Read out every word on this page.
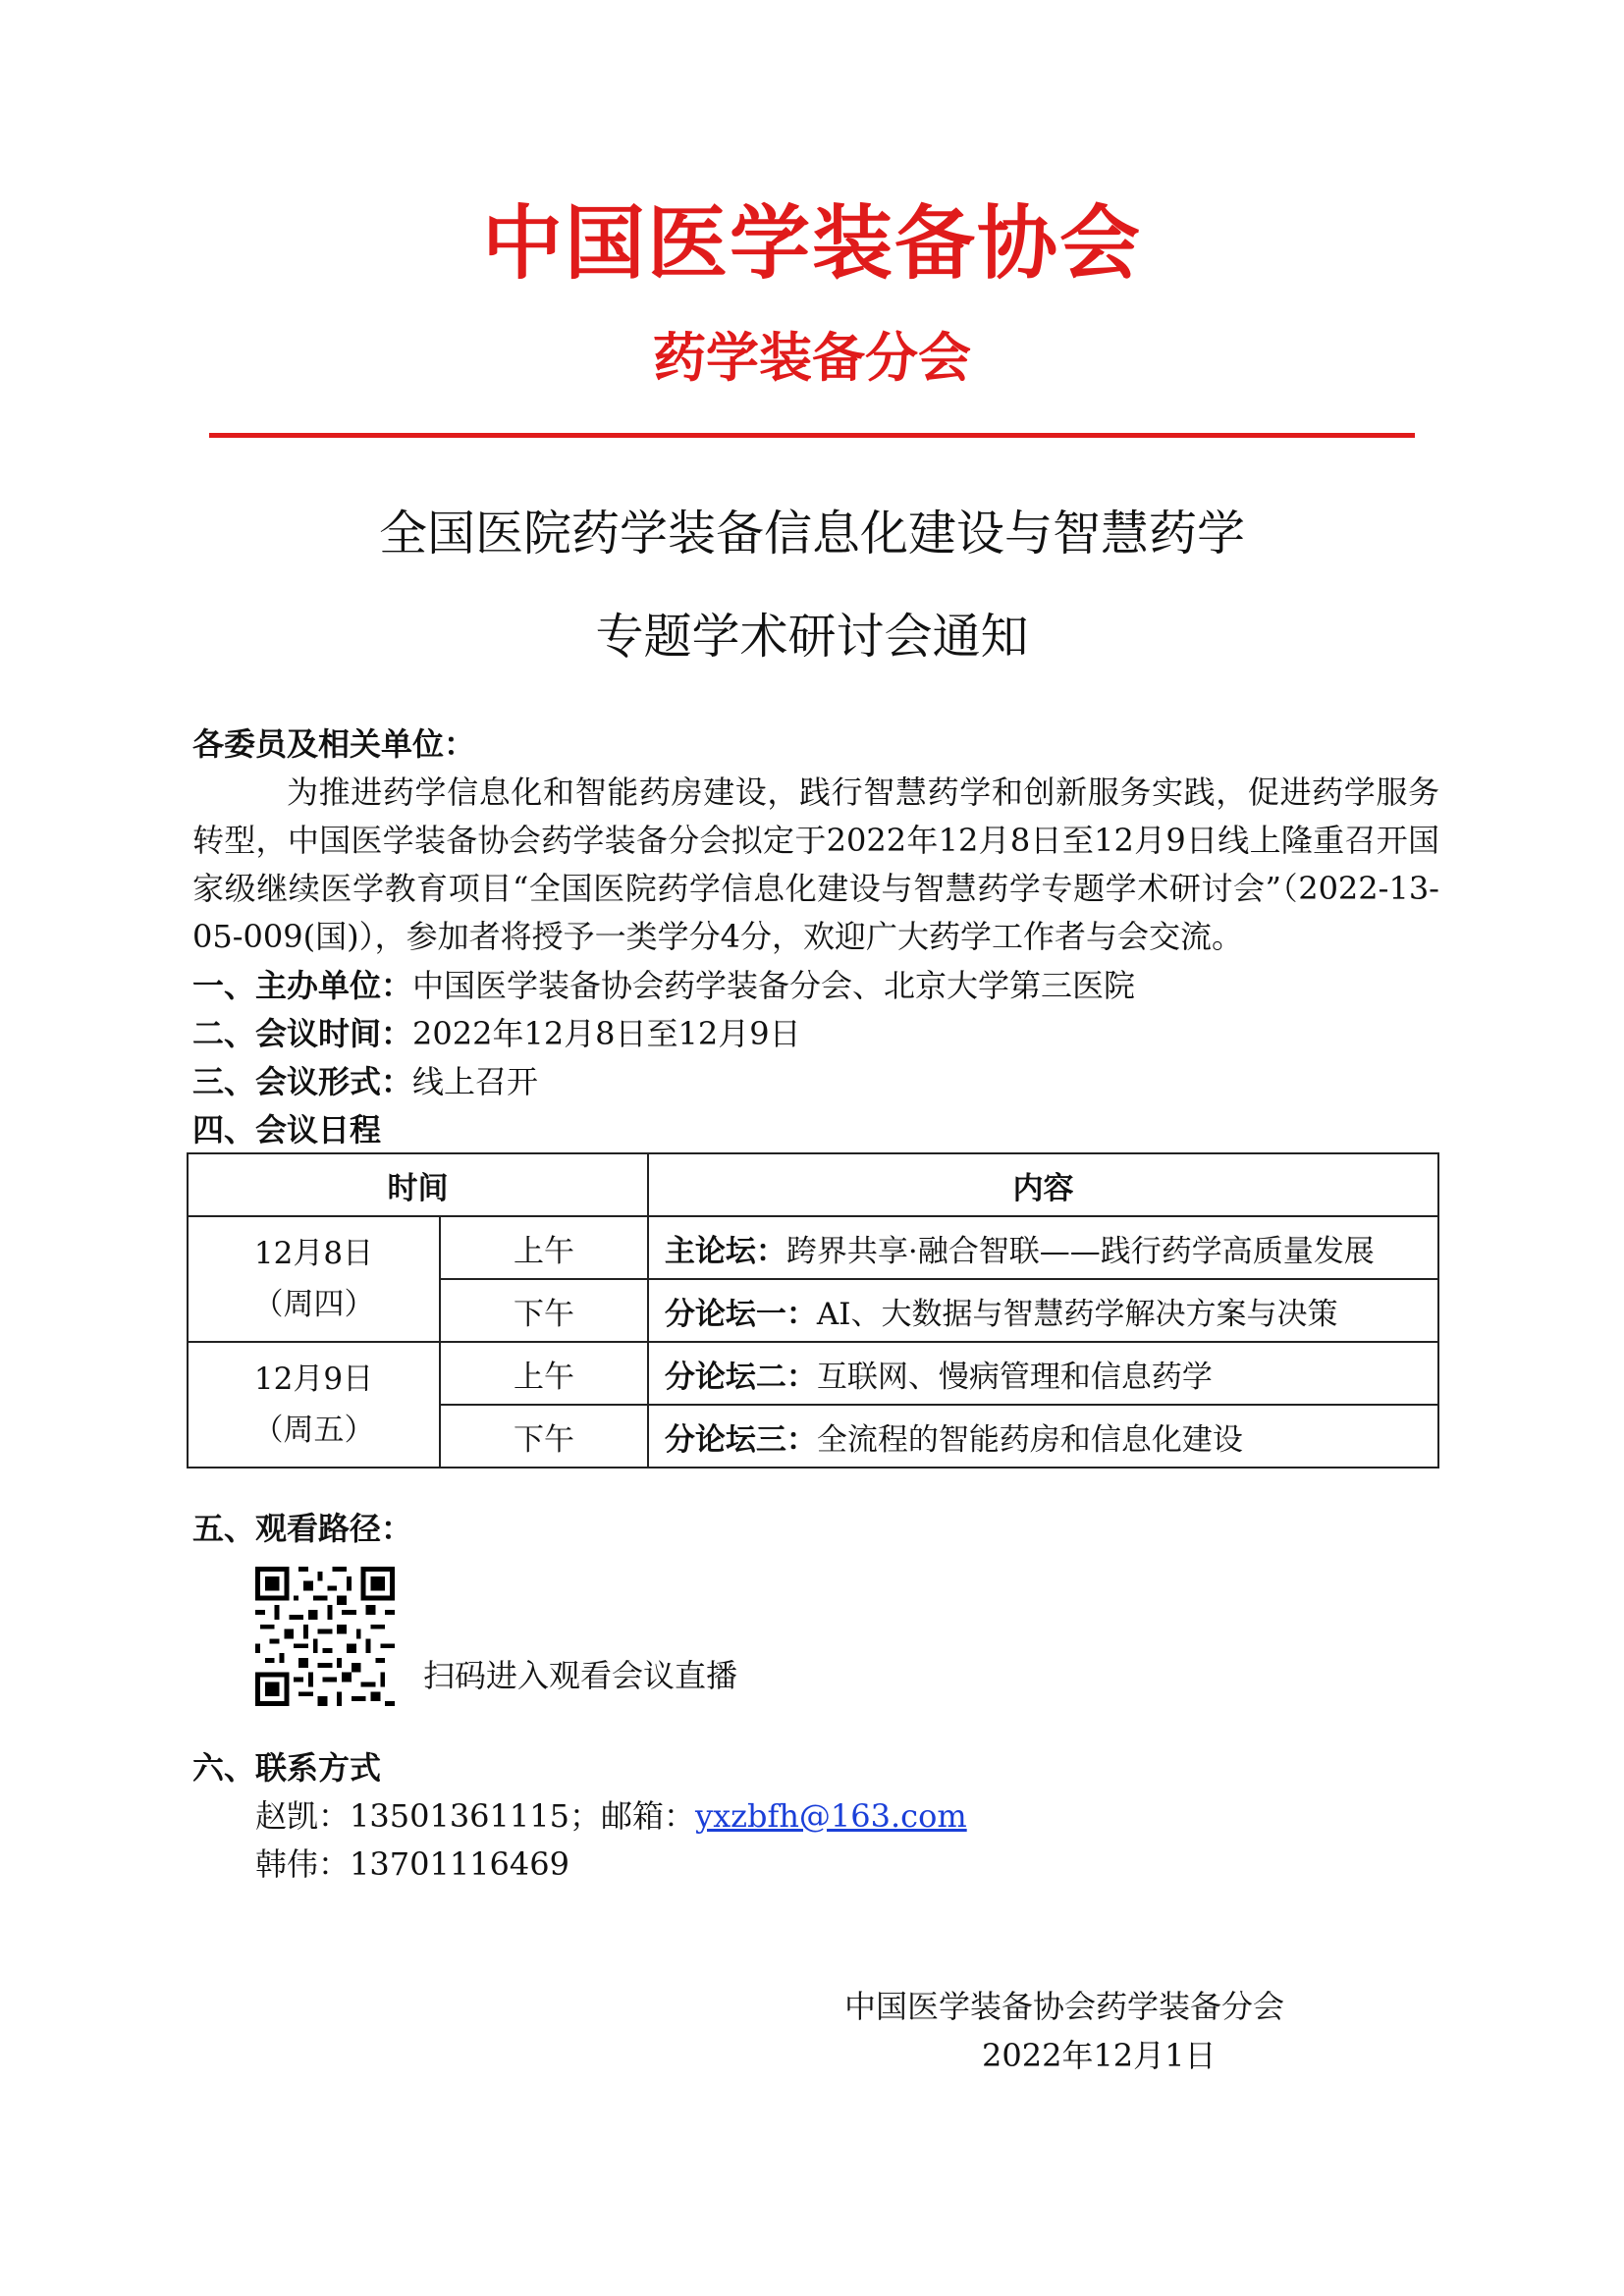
中国医学装备协会
药学装备分会
全国医院药学装备信息化建设与智慧药学
专题学术研讨会通知
各委员及相关单位：
为推进药学信息化和智能药房建设，践行智慧药学和创新服务实践，促进药学服务转型，中国医学装备协会药学装备分会拟定于2022年12月8日至12月9日线上隆重召开国家级继续医学教育项目“全国医院药学信息化建设与智慧药学专题学术研讨会”（2022-13-05-009(国)），参加者将授予一类学分4分，欢迎广大药学工作者与会交流。
一、主办单位：中国医学装备协会药学装备分会、北京大学第三医院
二、会议时间：2022年12月8日至12月9日
三、会议形式：线上召开
四、会议日程
时间		内容

12月8日
（周四）	上午	主论坛：跨界共享·融合智联——践行药学高质量发展
	下午	分论坛一：AI、大数据与智慧药学解决方案与决策

12月9日
（周五）	上午	分论坛二：互联网、慢病管理和信息药学
	下午	分论坛三：全流程的智能药房和信息化建设
五、观看路径：
扫码进入观看会议直播
六、联系方式
赵凯：13501361115；邮箱：yxzbfh@163.com
韩伟：13701116469
中国医学装备协会药学装备分会
2022年12月1日
